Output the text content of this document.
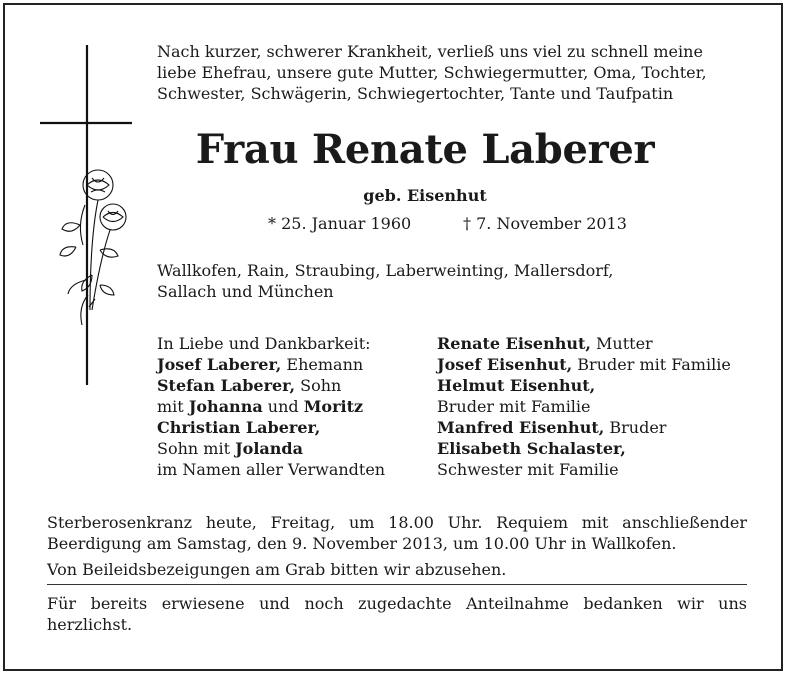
Nach kurzer, schwerer Krankheit, verließ uns viel zu schnell meine
liebe Ehefrau, unsere gute Mutter, Schwiegermutter, Oma, Tochter,
Schwester, Schwägerin, Schwiegertochter, Tante und Taufpatin
Frau Renate Laberer
geb. Eisenhut
* 25. Januar 1960	† 7. November 2013
Wallkofen, Rain, Straubing, Laberweinting, Mallersdorf,
Sallach und München
In Liebe und Dankbarkeit:
Josef Laberer, Ehemann
Stefan Laberer, Sohn
mit Johanna und Moritz
Christian Laberer,
Sohn mit Jolanda
im Namen aller Verwandten
Renate Eisenhut, Mutter
Josef Eisenhut, Bruder mit Familie
Helmut Eisenhut,
Bruder mit Familie
Manfred Eisenhut, Bruder
Elisabeth Schalaster,
Schwester mit Familie
Sterberosenkranz heute, Freitag, um 18.00 Uhr. Requiem mit anschließender Beerdigung am Samstag, den 9. November 2013, um 10.00 Uhr in Wallkofen.
Von Beileidsbezeigungen am Grab bitten wir abzusehen.
Für bereits erwiesene und noch zugedachte Anteilnahme bedanken wir uns herzlichst.
